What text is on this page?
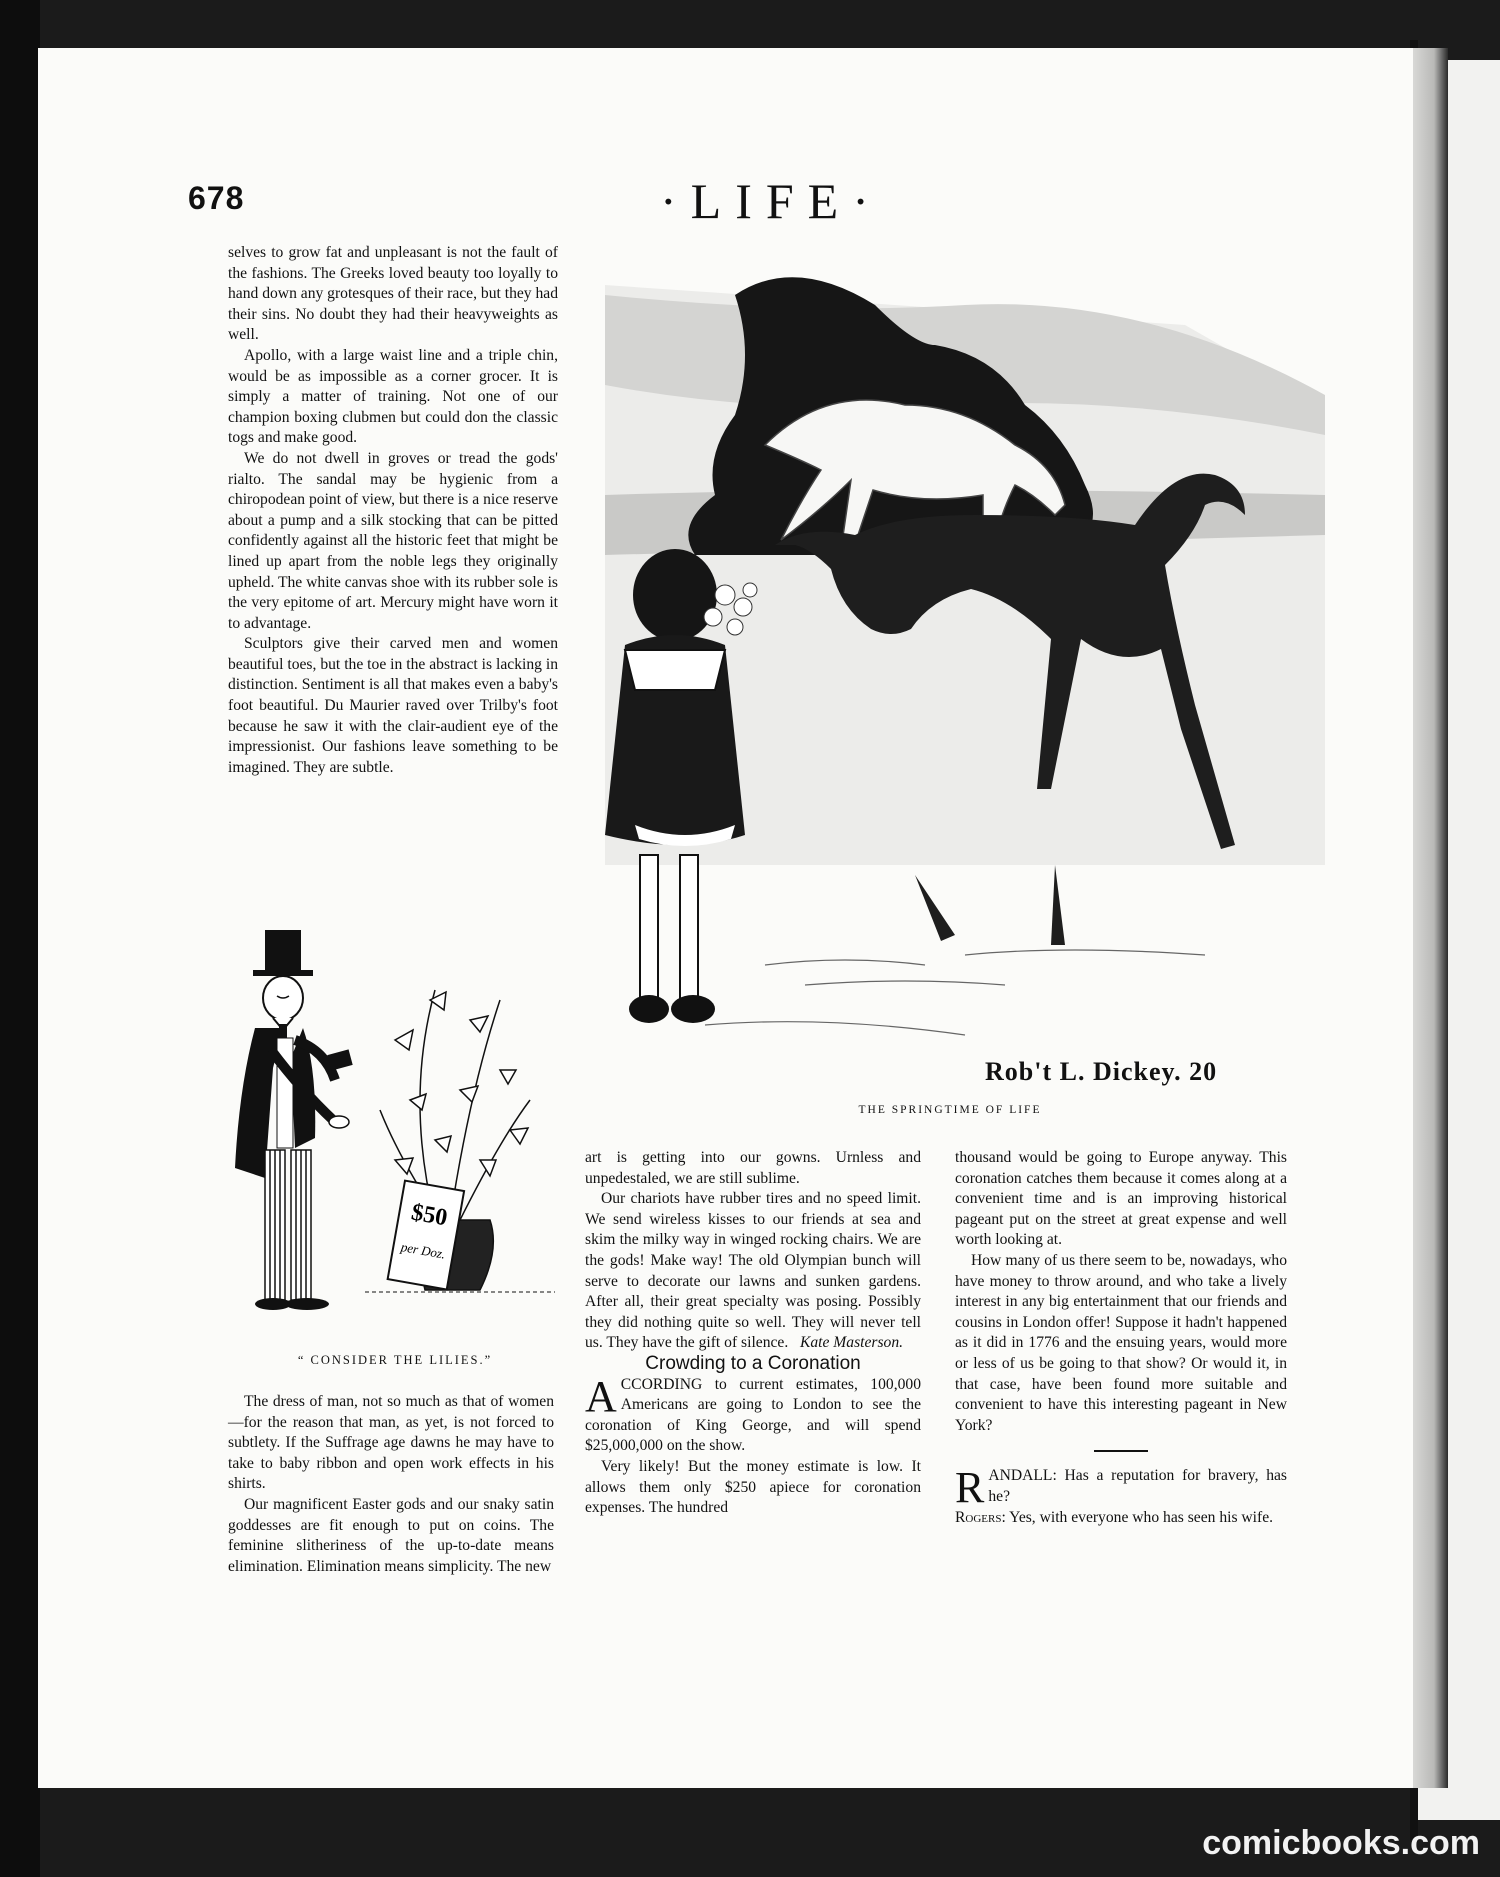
678	·LIFE·

selves to grow fat and unpleasant is not the fault of the fashions. The Greeks loved beauty too loyally to hand down any grotesques of their race, but they had their sins. No doubt they had their heavyweights as well.

Apollo, with a large waist line and a triple chin, would be as impossible as a corner grocer. It is simply a matter of training. Not one of our champion boxing clubmen but could don the classic togs and make good.

We do not dwell in groves or tread the gods' rialto. The sandal may be hygienic from a chiropodean point of view, but there is a nice reserve about a pump and a silk stocking that can be pitted confidently against all the historic feet that might be lined up apart from the noble legs they originally upheld. The white canvas shoe with its rubber sole is the very epitome of art. Mercury might have worn it to advantage.

Sculptors give their carved men and women beautiful toes, but the toe in the abstract is lacking in distinction. Sentiment is all that makes even a baby's foot beautiful. Du Maurier raved over Trilby's foot because he saw it with the clair-audient eye of the impressionist. Our fashions leave something to be imagined. They are subtle.

$50
per Doz.
“ CONSIDER THE LILIES.”

The dress of man, not so much as that of women—for the reason that man, as yet, is not forced to subtlety. If the Suffrage age dawns he may have to take to baby ribbon and open work effects in his shirts.

Our magnificent Easter gods and our snaky satin goddesses are fit enough to put on coins. The feminine slitheriness of the up-to-date means elimination. Elimination means simplicity. The new

Rob't L. Dickey. 20
THE SPRINGTIME OF LIFE

art is getting into our gowns. Urnless and unpedestaled, we are still sublime.

Our chariots have rubber tires and no speed limit. We send wireless kisses to our friends at sea and skim the milky way in winged rocking chairs. We are the gods! Make way! The old Olympian bunch will serve to decorate our lawns and sunken gardens. After all, their great specialty was posing. Possibly they did nothing quite so well. They will never tell us. They have the gift of silence. Kate Masterson.

Crowding to a Coronation

ACCORDING to current estimates, 100,000 Americans are going to London to see the coronation of King George, and will spend $25,000,000 on the show.

Very likely! But the money estimate is low. It allows them only $250 apiece for coronation expenses. The hundred

thousand would be going to Europe anyway. This coronation catches them because it comes along at a convenient time and is an improving historical pageant put on the street at great expense and well worth looking at.

How many of us there seem to be, nowadays, who have money to throw around, and who take a lively interest in any big entertainment that our friends and cousins in London offer! Suppose it hadn't happened as it did in 1776 and the ensuing years, would more or less of us be going to that show? Or would it, in that case, have been found more suitable and convenient to have this interesting pageant in New York?

RANDALL: Has a reputation for bravery, has he?

Rogers: Yes, with everyone who has seen his wife.

comicbooks.com
